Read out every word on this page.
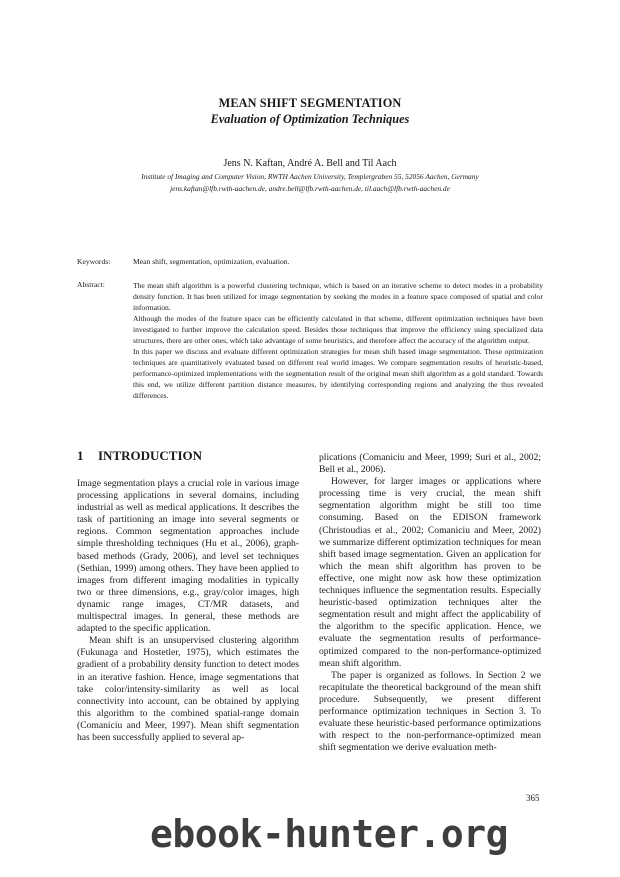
MEAN SHIFT SEGMENTATION
Evaluation of Optimization Techniques
Jens N. Kaftan, André A. Bell and Til Aach
Institute of Imaging and Computer Vision, RWTH Aachen University, Templergraben 55, 52056 Aachen, Germany
jens.kaftan@lfb.rwth-aachen.de, andre.bell@lfb.rwth-aachen.de, til.aach@lfb.rwth-aachen.de
Keywords:	Mean shift, segmentation, optimization, evaluation.
Abstract:	The mean shift algorithm is a powerful clustering technique, which is based on an iterative scheme to detect modes in a probability density function. It has been utilized for image segmentation by seeking the modes in a feature space composed of spatial and color information.

Although the modes of the feature space can be efficiently calculated in that scheme, different optimization techniques have been investigated to further improve the calculation speed. Besides those techniques that improve the efficiency using specialized data structures, there are other ones, which take advantage of some heuristics, and therefore affect the accuracy of the algorithm output.

In this paper we discuss and evaluate different optimization strategies for mean shift based image segmentation. These optimization techniques are quantitatively evaluated based on different real world images. We compare segmentation results of heuristic-based, performance-optimized implementations with the segmentation result of the original mean shift algorithm as a gold standard. Towards this end, we utilize different partition distance measures, by identifying corresponding regions and analyzing the thus revealed differences.

1 INTRODUCTION

Image segmentation plays a crucial role in various image processing applications in several domains, including industrial as well as medical applications. It describes the task of partitioning an image into several segments or regions. Common segmentation approaches include simple thresholding techniques (Hu et al., 2006), graph-based methods (Grady, 2006), and level set techniques (Sethian, 1999) among others. They have been applied to images from different imaging modalities in typically two or three dimensions, e.g., gray/color images, high dynamic range images, CT/MR datasets, and multispectral images. In general, these methods are adapted to the specific application.

Mean shift is an unsupervised clustering algorithm (Fukunaga and Hostetler, 1975), which estimates the gradient of a probability density function to detect modes in an iterative fashion. Hence, image segmentations that take color/intensity-similarity as well as local connectivity into account, can be obtained by applying this algorithm to the combined spatial-range domain (Comaniciu and Meer, 1997). Mean shift segmentation has been successfully applied to several ap-

plications (Comaniciu and Meer, 1999; Suri et al., 2002; Bell et al., 2006).

However, for larger images or applications where processing time is very crucial, the mean shift segmentation algorithm might be still too time consuming. Based on the EDISON framework (Christoudias et al., 2002; Comaniciu and Meer, 2002) we summarize different optimization techniques for mean shift based image segmentation. Given an application for which the mean shift algorithm has proven to be effective, one might now ask how these optimization techniques influence the segmentation results. Especially heuristic-based optimization techniques alter the segmentation result and might affect the applicability of the algorithm to the specific application. Hence, we evaluate the segmentation results of performance-optimized compared to the non-performance-optimized mean shift algorithm.

The paper is organized as follows. In Section 2 we recapitulate the theoretical background of the mean shift procedure. Subsequently, we present different performance optimization techniques in Section 3. To evaluate these heuristic-based performance optimizations with respect to the non-performance-optimized mean shift segmentation we derive evaluation meth-

365
ebook-hunter.org
